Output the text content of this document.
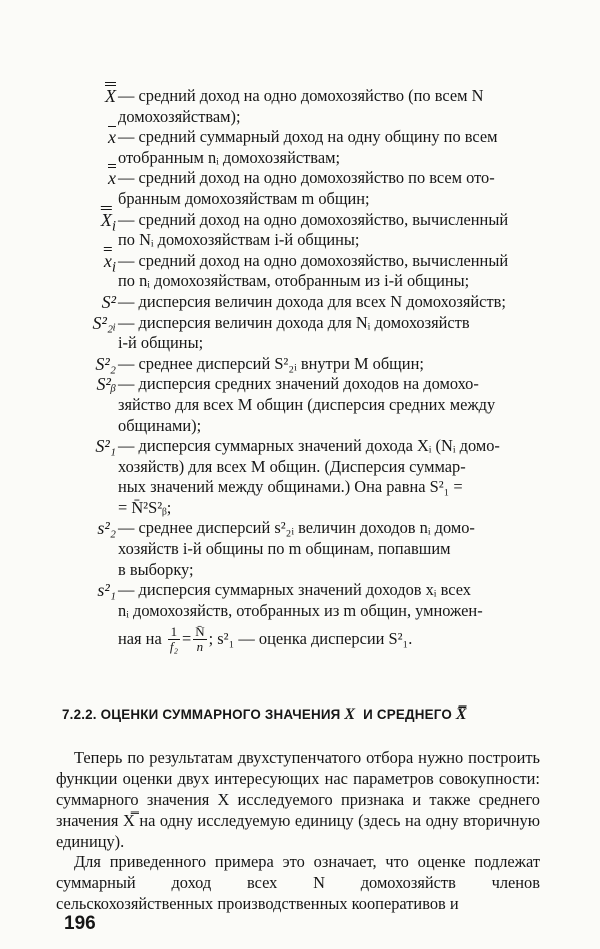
X — средний доход на одно домохозяйство (по всем N
домохозяйствам);
$\overline{x}$ — средний суммарный доход на одну общину по всем
отобранным nᵢ домохозяйствам;
x — средний доход на одно домохозяйство по всем ото-
бранным домохозяйствам m общин;
$X_i$ — средний доход на одно домохозяйство, вычисленный
по Nᵢ домохозяйствам i-й общины;
$x_i$ — средний доход на одно домохозяйство, вычисленный
по nᵢ домохозяйствам, отобранным из i-й общины;
S² — дисперсия величин дохода для всех N домохозяйств;
S²₂ᵢ — дисперсия величин дохода для Nᵢ домохозяйств
i-й общины;
S²₂ — среднее дисперсий S²₂ᵢ внутри M общин;
S²ᵦ — дисперсия средних значений доходов на домохо-
зяйство для всех M общин (дисперсия средних между
общинами);
S²₁ — дисперсия суммарных значений дохода Xᵢ (Nᵢ домо-
хозяйств) для всех M общин. (Дисперсия суммар-
ных значений между общинами.) Она равна S²₁ =
= N̄²S²ᵦ;
s²₂ — среднее дисперсий s²₂ᵢ величин доходов nᵢ домо-
хозяйств i-й общины по m общинам, попавшим
в выборку;
s²₁ — дисперсия суммарных значений доходов xᵢ всех
nᵢ домохозяйств, отобранных из m общин, умножен-

ная на $\frac{1}{\text{f₂}} = \frac{N̄}{n}$ ; s²₁ — оценка дисперсии S²₁.
7.2.2. ОЦЕНКИ СУММАРНОГО ЗНАЧЕНИЯ X И СРЕДНЕГО X̿
Теперь по результатам двухступенчатого отбора нужно построить функции оценки двух интересующих нас параметров совокупности: суммарного значения X исследуемого признака и также среднего значения X̿ на одну исследуемую единицу (здесь на одну вторичную единицу).
Для приведенного примера это означает, что оценке подлежат суммарный доход всех N домохозяйств членов сельскохозяйственных производственных кооперативов и
196
